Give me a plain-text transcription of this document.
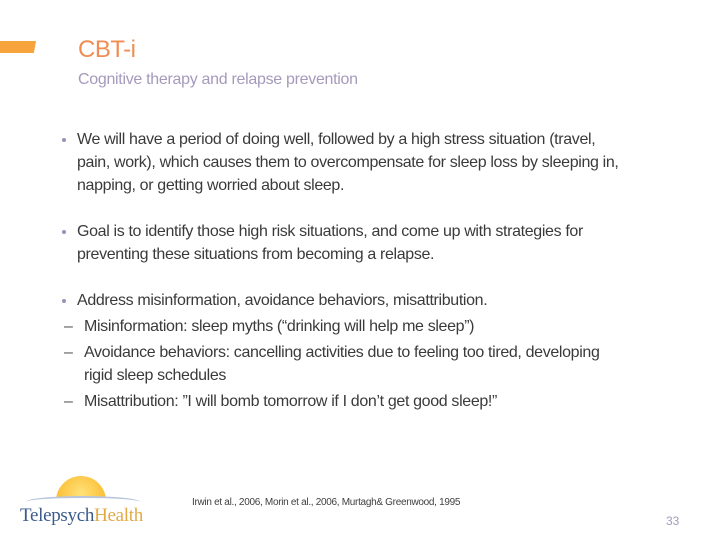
CBT-i
Cognitive therapy and relapse prevention
We will have a period of doing well, followed by a high stress situation (travel, pain, work), which causes them to overcompensate for sleep loss by sleeping in, napping, or getting worried about sleep.
Goal is to identify those high risk situations, and come up with strategies for preventing these situations from becoming a relapse.
Address misinformation, avoidance behaviors, misattribution.
– Misinformation: sleep myths (“drinking will help me sleep”)
– Avoidance behaviors: cancelling activities due to feeling too tired, developing rigid sleep schedules
– Misattribution: ”I will bomb tomorrow if I don’t get good sleep!”
TelepsychHealth
Irwin et al., 2006, Morin et al., 2006, Murtagh& Greenwood, 1995
33
